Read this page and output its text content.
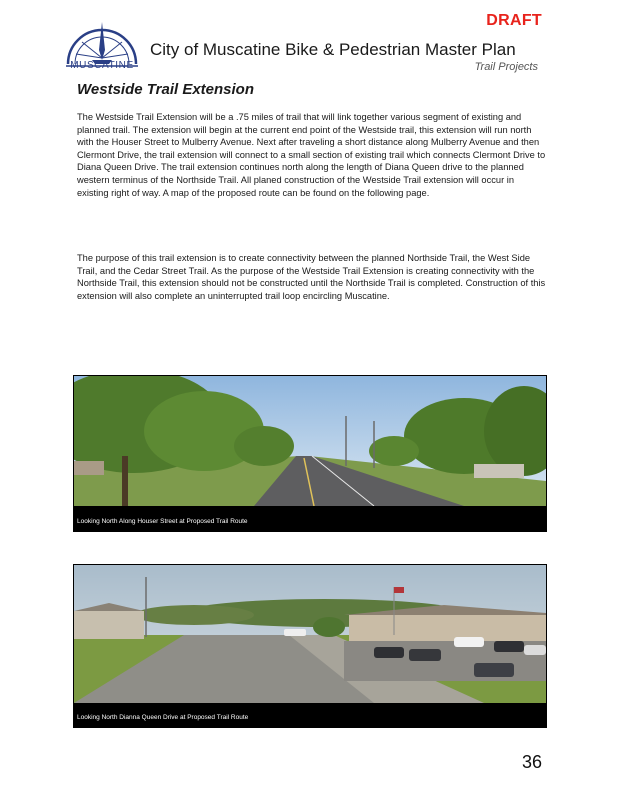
DRAFT
MUSCATINE
City of Muscatine Bike & Pedestrian Master Plan
Trail Projects
Westside Trail Extension

The Westside Trail Extension will be a .75 miles of trail that will link together various segment of existing and planned trail. The extension will begin at the current end point of the Westside trail, this extension will run north with the Houser Street to Mulberry Avenue. Next after traveling a short distance along Mulberry Avenue and then Clermont Drive, the trail extension will connect to a small section of existing trail which connects Clermont Drive to Diana Queen Drive. The trail extension continues north along the length of Diana Queen drive to the planned western terminus of the Northside Trail. All planed construction of the Westside Trail extension will occur in existing right of way. A map of the proposed route can be found on the following page.

The purpose of this trail extension is to create connectivity between the planned Northside Trail, the West Side Trail, and the Cedar Street Trail. As the purpose of the Westside Trail Extension is creating connectivity with the Northside Trail, this extension should not be constructed until the Northside Trail is completed. Construction of this extension will also complete an uninterrupted trail loop encircling Muscatine.

Looking North Along Houser Street at Proposed Trail Route
Looking North Dianna Queen Drive at Proposed Trail Route
36
